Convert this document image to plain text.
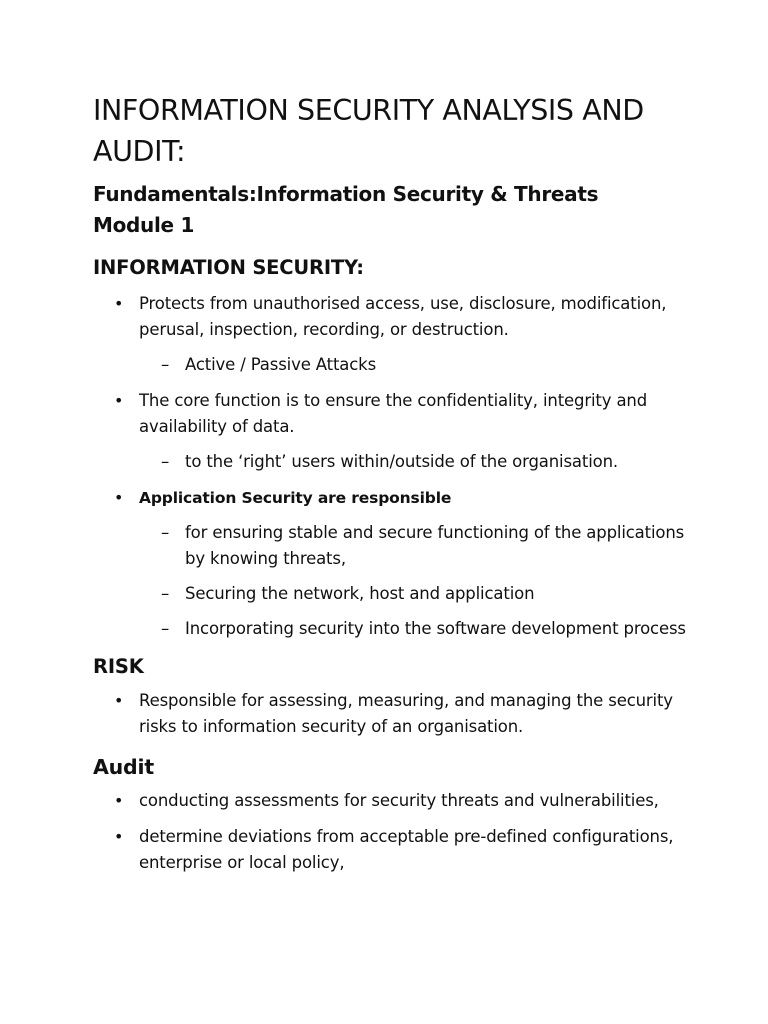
INFORMATION SECURITY ANALYSIS AND AUDIT:
Fundamentals:Information Security & Threats
Module 1
INFORMATION SECURITY:
• Protects from unauthorised access, use, disclosure, modification, perusal, inspection, recording, or destruction.
– Active / Passive Attacks
• The core function is to ensure the confidentiality, integrity and availability of data.
– to the ‘right’ users within/outside of the organisation.
• Application Security are responsible
– for ensuring stable and secure functioning of the applications by knowing threats,
– Securing the network, host and application
– Incorporating security into the software development process
RISK
• Responsible for assessing, measuring, and managing the security risks to information security of an organisation.
Audit
• conducting assessments for security threats and vulnerabilities,
• determine deviations from acceptable pre-defined configurations, enterprise or local policy,
